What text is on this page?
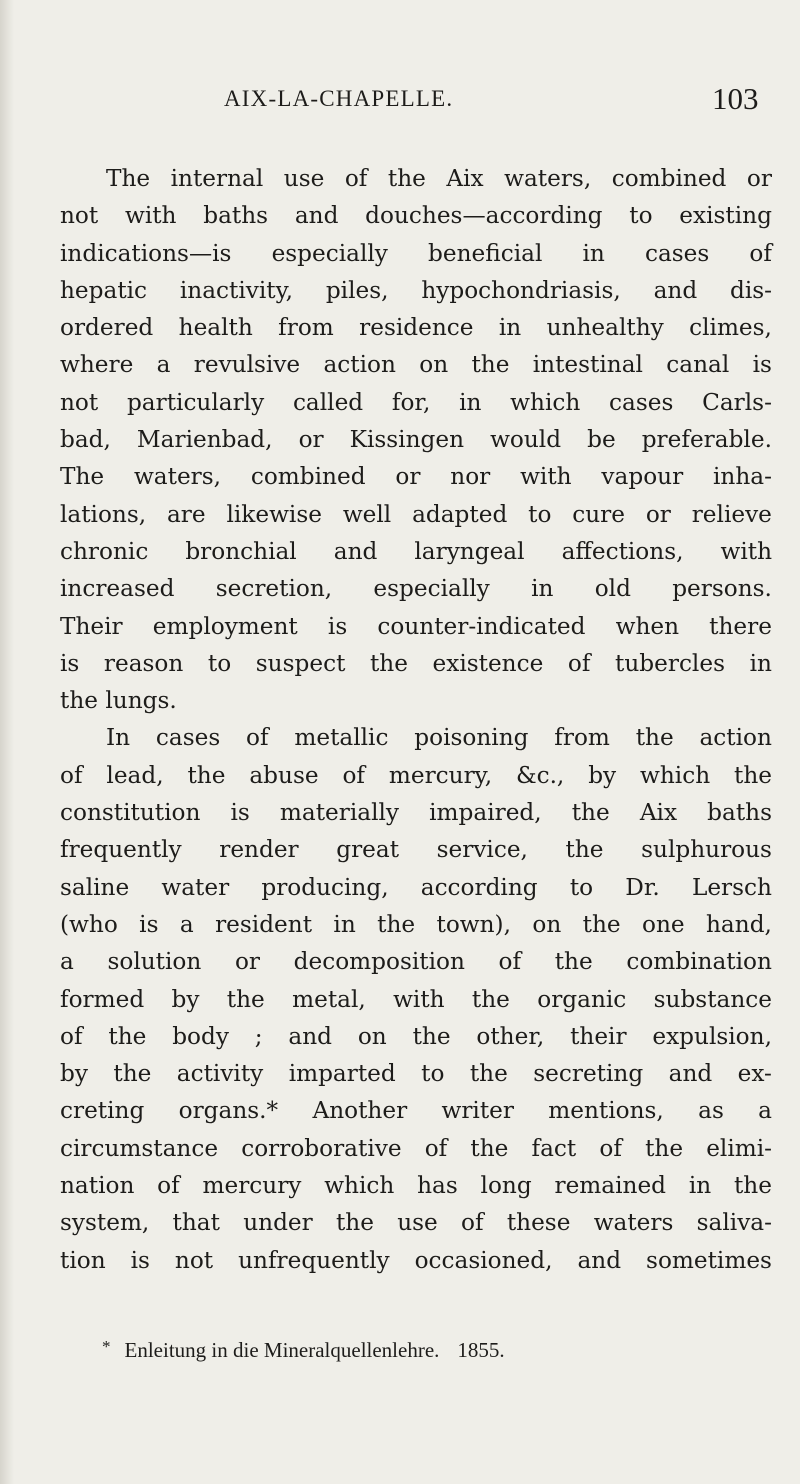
AIX-LA-CHAPELLE.	103
The internal use of the Aix waters, combined or
not with baths and douches—according to existing
indications—is especially beneficial in cases of
hepatic inactivity, piles, hypochondriasis, and dis-
ordered health from residence in unhealthy climes,
where a revulsive action on the intestinal canal is
not particularly called for, in which cases Carls-
bad, Marienbad, or Kissingen would be preferable.
The waters, combined or nor with vapour inha-
lations, are likewise well adapted to cure or relieve
chronic bronchial and laryngeal affections, with
increased secretion, especially in old persons.
Their employment is counter-indicated when there
is reason to suspect the existence of tubercles in
the lungs.
In cases of metallic poisoning from the action
of lead, the abuse of mercury, &c., by which the
constitution is materially impaired, the Aix baths
frequently render great service, the sulphurous
saline water producing, according to Dr. Lersch
(who is a resident in the town), on the one hand,
a solution or decomposition of the combination
formed by the metal, with the organic substance
of the body ; and on the other, their expulsion,
by the activity imparted to the secreting and ex-
creting organs.* Another writer mentions, as a
circumstance corroborative of the fact of the elimi-
nation of mercury which has long remained in the
system, that under the use of these waters saliva-
tion is not unfrequently occasioned, and sometimes
* Enleitung in die Mineralquellenlehre. 1855.
